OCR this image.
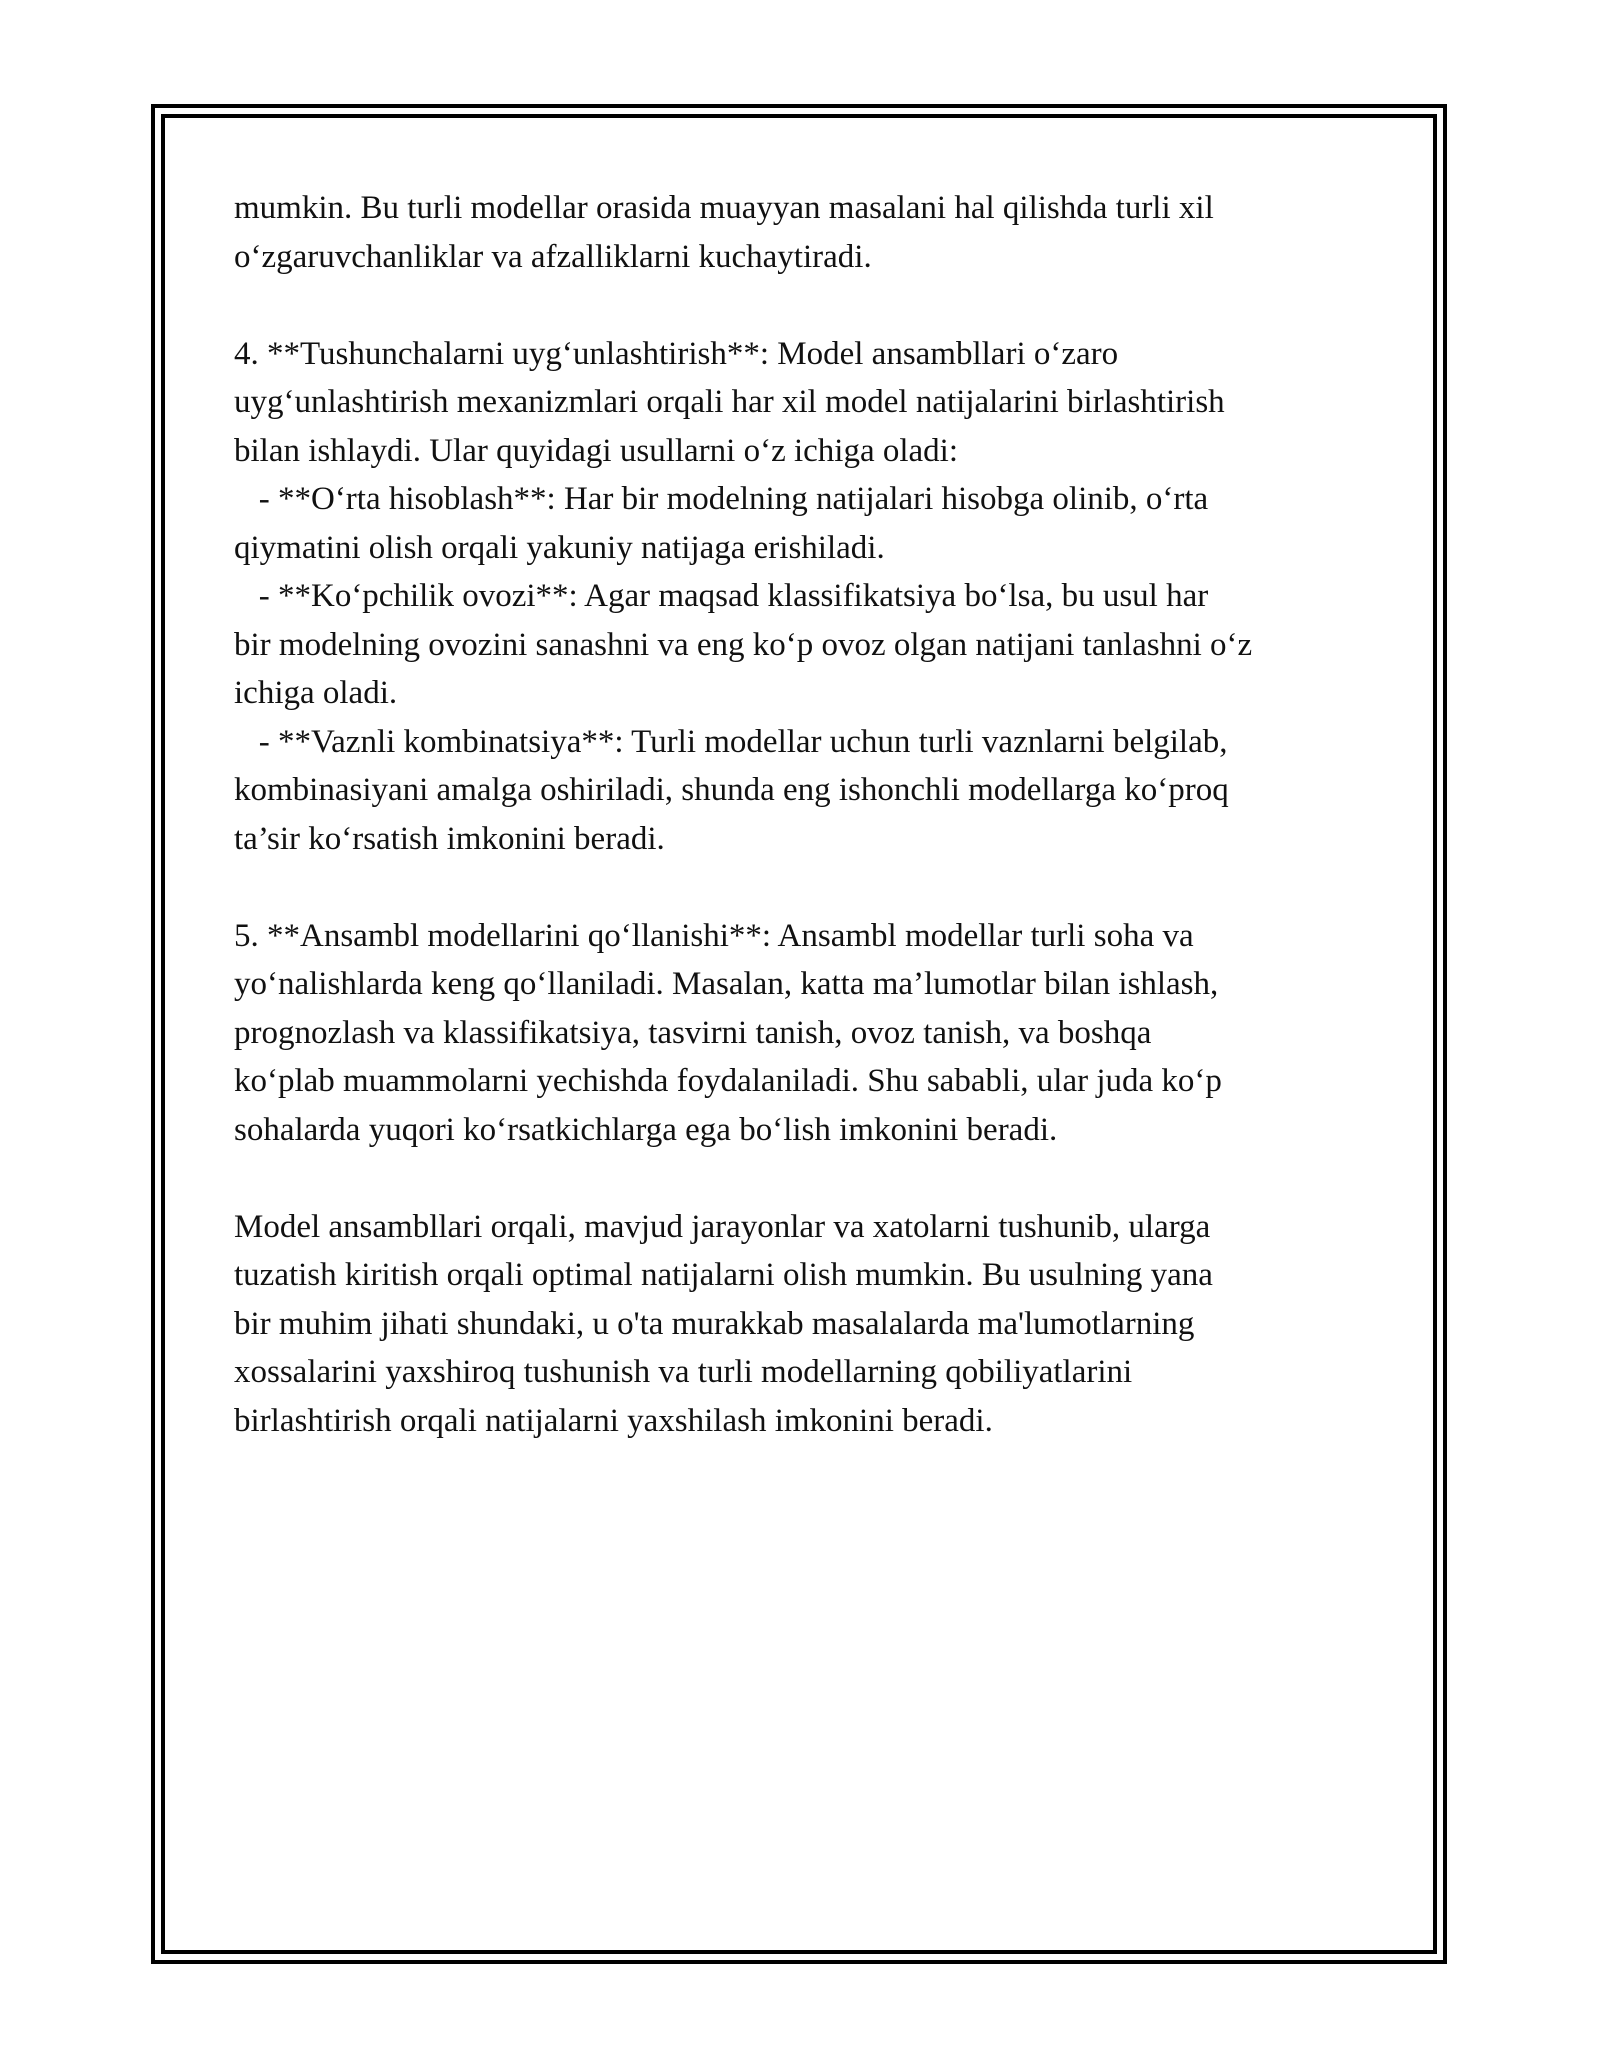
mumkin. Bu turli modellar orasida muayyan masalani hal qilishda turli xil
o‘zgaruvchanliklar va afzalliklarni kuchaytiradi.
4. **Tushunchalarni uyg‘unlashtirish**: Model ansambllari o‘zaro
uyg‘unlashtirish mexanizmlari orqali har xil model natijalarini birlashtirish
bilan ishlaydi. Ular quyidagi usullarni o‘z ichiga oladi:
- **O‘rta hisoblash**: Har bir modelning natijalari hisobga olinib, o‘rta
qiymatini olish orqali yakuniy natijaga erishiladi.
- **Ko‘pchilik ovozi**: Agar maqsad klassifikatsiya bo‘lsa, bu usul har
bir modelning ovozini sanashni va eng ko‘p ovoz olgan natijani tanlashni o‘z
ichiga oladi.
- **Vaznli kombinatsiya**: Turli modellar uchun turli vaznlarni belgilab,
kombinasiyani amalga oshiriladi, shunda eng ishonchli modellarga ko‘proq
ta’sir ko‘rsatish imkonini beradi.
5. **Ansambl modellarini qo‘llanishi**: Ansambl modellar turli soha va
yo‘nalishlarda keng qo‘llaniladi. Masalan, katta ma’lumotlar bilan ishlash,
prognozlash va klassifikatsiya, tasvirni tanish, ovoz tanish, va boshqa
ko‘plab muammolarni yechishda foydalaniladi. Shu sababli, ular juda ko‘p
sohalarda yuqori ko‘rsatkichlarga ega bo‘lish imkonini beradi.
Model ansambllari orqali, mavjud jarayonlar va xatolarni tushunib, ularga
tuzatish kiritish orqali optimal natijalarni olish mumkin. Bu usulning yana
bir muhim jihati shundaki, u o'ta murakkab masalalarda ma'lumotlarning
xossalarini yaxshiroq tushunish va turli modellarning qobiliyatlarini
birlashtirish orqali natijalarni yaxshilash imkonini beradi.
